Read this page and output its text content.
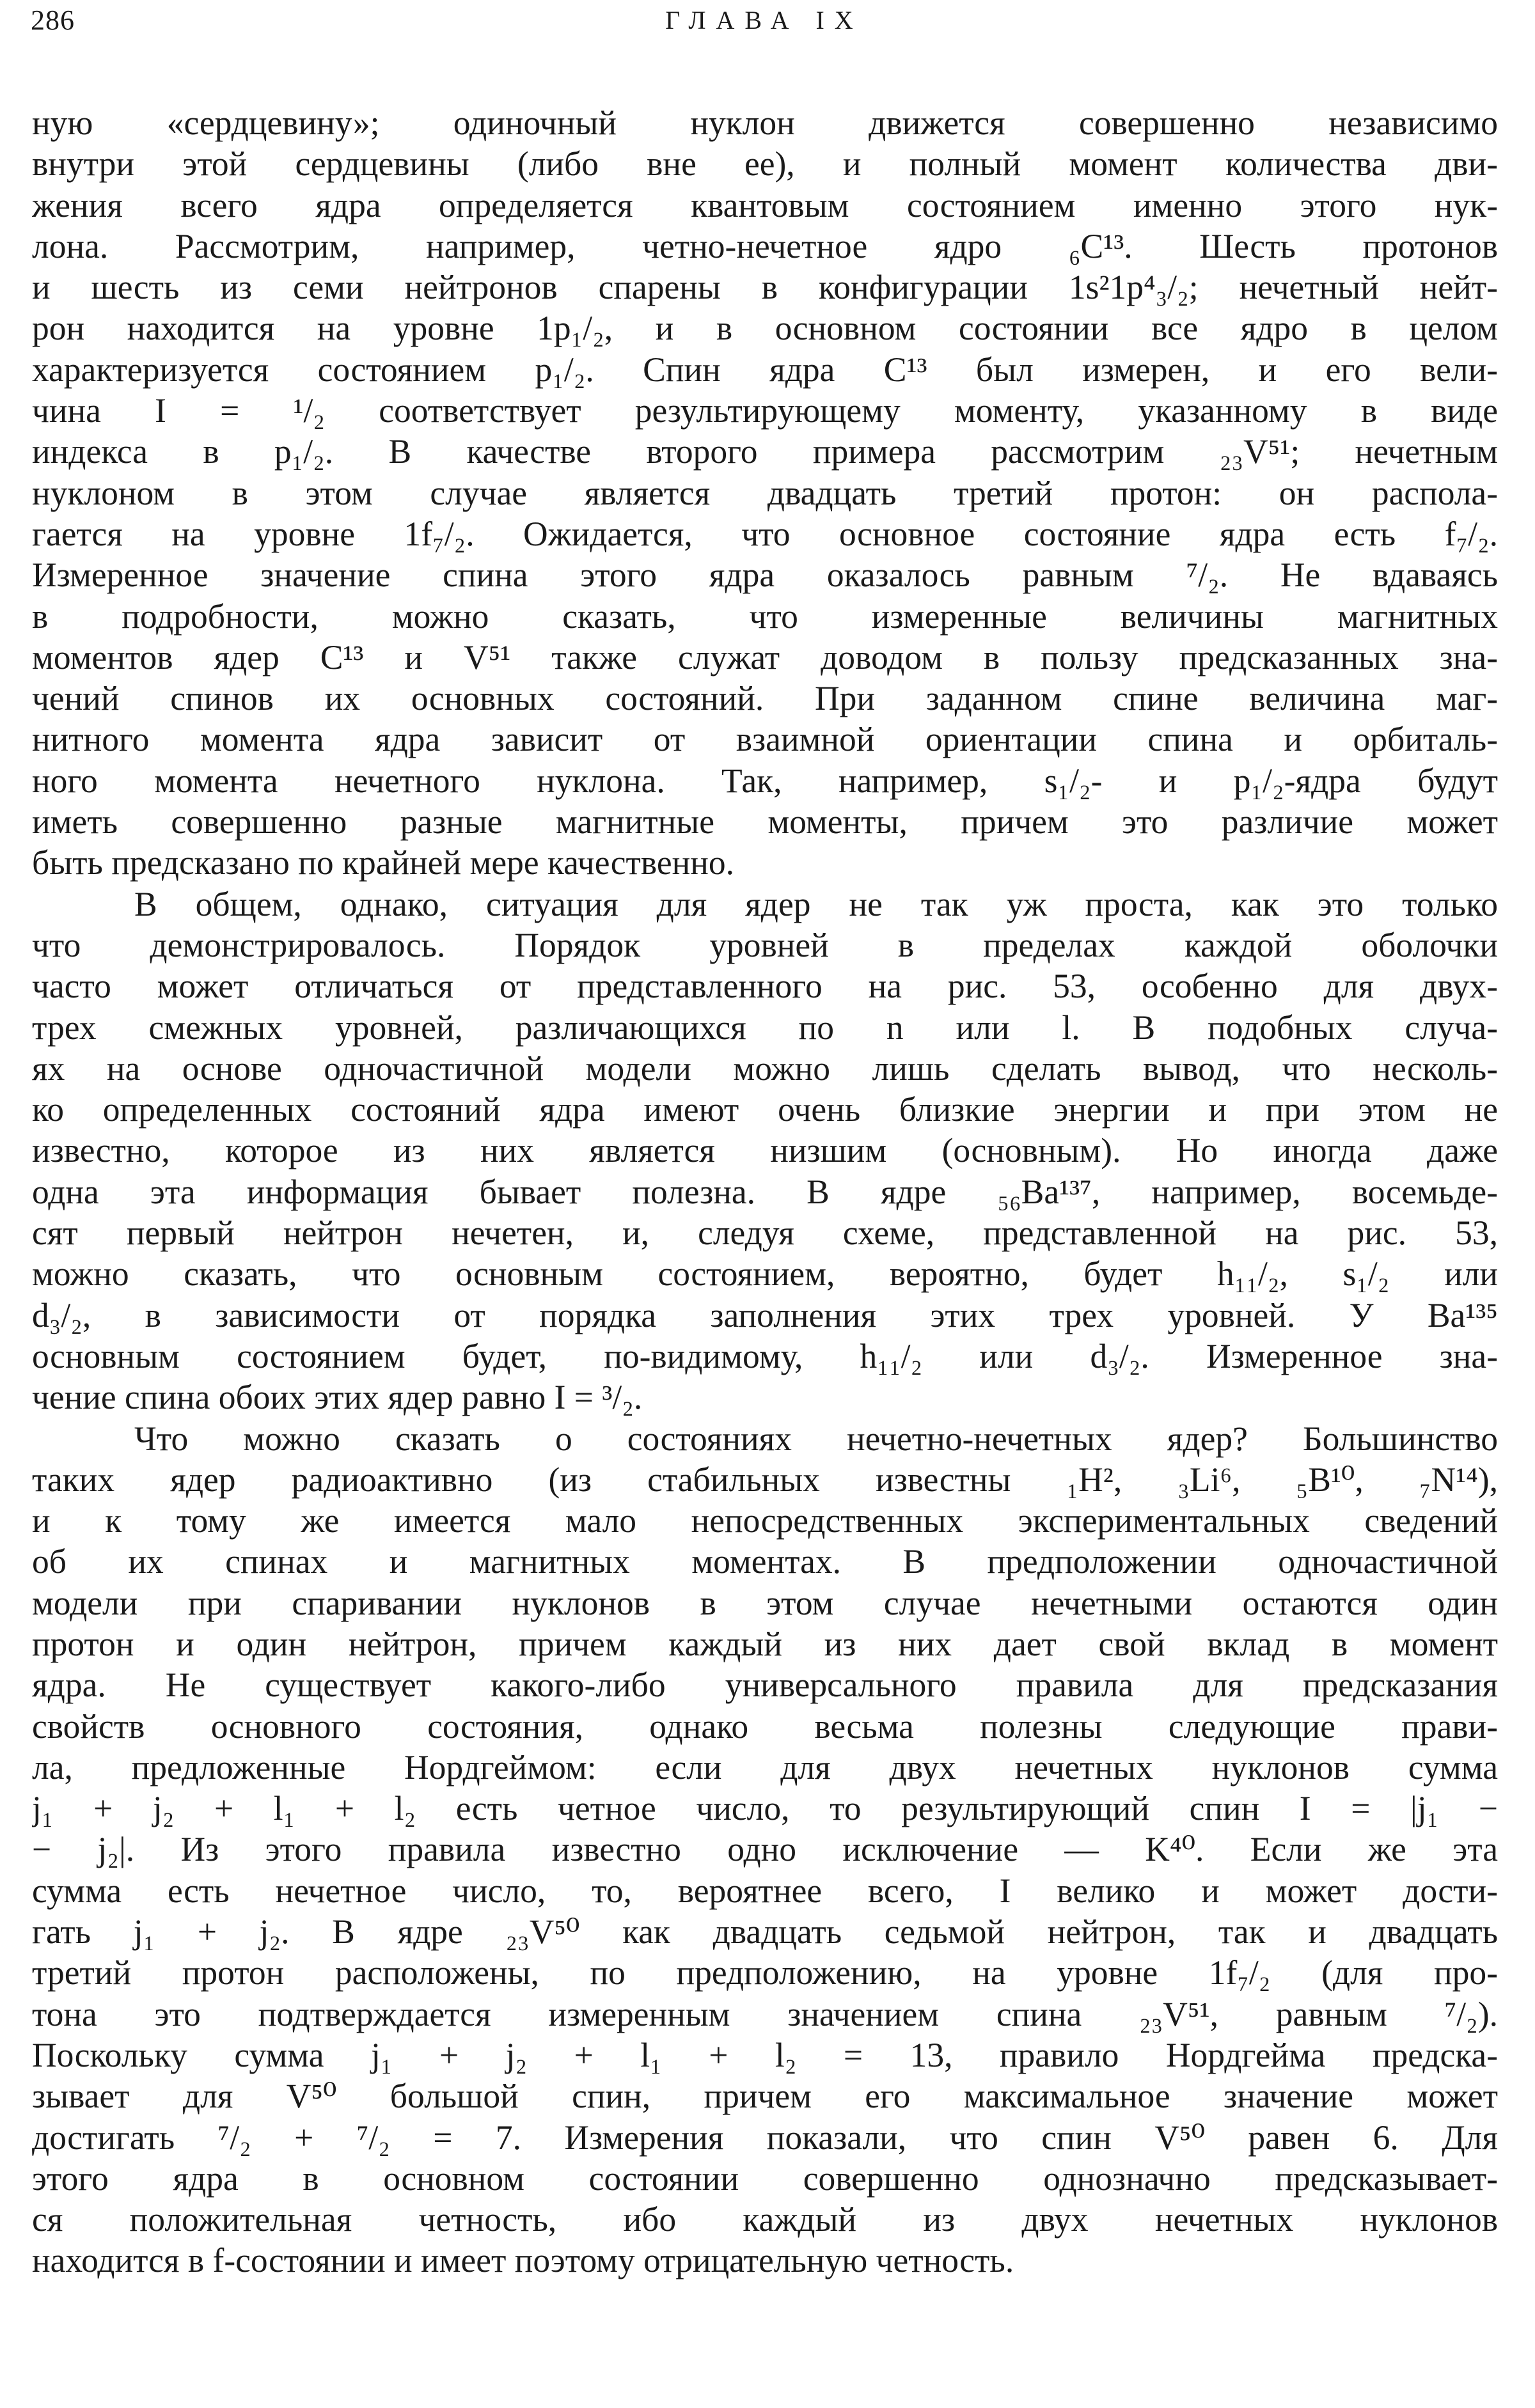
286	ГЛАВА IX
ную «сердцевину»; одиночный нуклон движется совершенно независимо
внутри этой сердцевины (либо вне ее), и полный момент количества дви-
жения всего ядра определяется квантовым состоянием именно этого нук-
лона. Рассмотрим, например, четно-нечетное ядро ₆C¹³. Шесть протонов
и шесть из семи нейтронов спарены в конфигурации 1s²1p⁴₃/₂; нечетный нейт-
рон находится на уровне 1p₁/₂, и в основном состоянии все ядро в целом
характеризуется состоянием p₁/₂. Спин ядра C¹³ был измерен, и его вели-
чина I = ¹/₂ соответствует результирующему моменту, указанному в виде
индекса в p₁/₂. В качестве второго примера рассмотрим ₂₃V⁵¹; нечетным
нуклоном в этом случае является двадцать третий протон: он распола-
гается на уровне 1f₇/₂. Ожидается, что основное состояние ядра есть f₇/₂.
Измеренное значение спина этого ядра оказалось равным ⁷/₂. Не вдаваясь
в подробности, можно сказать, что измеренные величины магнитных
моментов ядер C¹³ и V⁵¹ также служат доводом в пользу предсказанных зна-
чений спинов их основных состояний. При заданном спине величина маг-
нитного момента ядра зависит от взаимной ориентации спина и орбиталь-
ного момента нечетного нуклона. Так, например, s₁/₂- и p₁/₂-ядра будут
иметь совершенно разные магнитные моменты, причем это различие может
быть предсказано по крайней мере качественно.
В общем, однако, ситуация для ядер не так уж проста, как это только
что демонстрировалось. Порядок уровней в пределах каждой оболочки
часто может отличаться от представленного на рис. 53, особенно для двух-
трех смежных уровней, различающихся по n или l. В подобных случа-
ях на основе одночастичной модели можно лишь сделать вывод, что несколь-
ко определенных состояний ядра имеют очень близкие энергии и при этом не
известно, которое из них является низшим (основным). Но иногда даже
одна эта информация бывает полезна. В ядре ₅₆Ba¹³⁷, например, восемьде-
сят первый нейтрон нечетен, и, следуя схеме, представленной на рис. 53,
можно сказать, что основным состоянием, вероятно, будет h₁₁/₂, s₁/₂ или
d₃/₂, в зависимости от порядка заполнения этих трех уровней. У Ba¹³⁵
основным состоянием будет, по-видимому, h₁₁/₂ или d₃/₂. Измеренное зна-
чение спина обоих этих ядер равно I = ³/₂.
Что можно сказать о состояниях нечетно-нечетных ядер? Большинство
таких ядер радиоактивно (из стабильных известны ₁H², ₃Li⁶, ₅B¹⁰, ₇N¹⁴),
и к тому же имеется мало непосредственных экспериментальных сведений
об их спинах и магнитных моментах. В предположении одночастичной
модели при спаривании нуклонов в этом случае нечетными остаются один
протон и один нейтрон, причем каждый из них дает свой вклад в момент
ядра. Не существует какого-либо универсального правила для предсказания
свойств основного состояния, однако весьма полезны следующие прави-
ла, предложенные Нордгеймом: если для двух нечетных нуклонов сумма
j₁ + j₂ + l₁ + l₂ есть четное число, то результирующий спин I = |j₁ −
− j₂|. Из этого правила известно одно исключение — K⁴⁰. Если же эта
сумма есть нечетное число, то, вероятнее всего, I велико и может дости-
гать j₁ + j₂. В ядре ₂₃V⁵⁰ как двадцать седьмой нейтрон, так и двадцать
третий протон расположены, по предположению, на уровне 1f₇/₂ (для про-
тона это подтверждается измеренным значением спина ₂₃V⁵¹, равным ⁷/₂).
Поскольку сумма j₁ + j₂ + l₁ + l₂ = 13, правило Нордгейма предска-
зывает для V⁵⁰ большой спин, причем его максимальное значение может
достигать ⁷/₂ + ⁷/₂ = 7. Измерения показали, что спин V⁵⁰ равен 6. Для
этого ядра в основном состоянии совершенно однозначно предсказывает-
ся положительная четность, ибо каждый из двух нечетных нуклонов
находится в f-состоянии и имеет поэтому отрицательную четность.
